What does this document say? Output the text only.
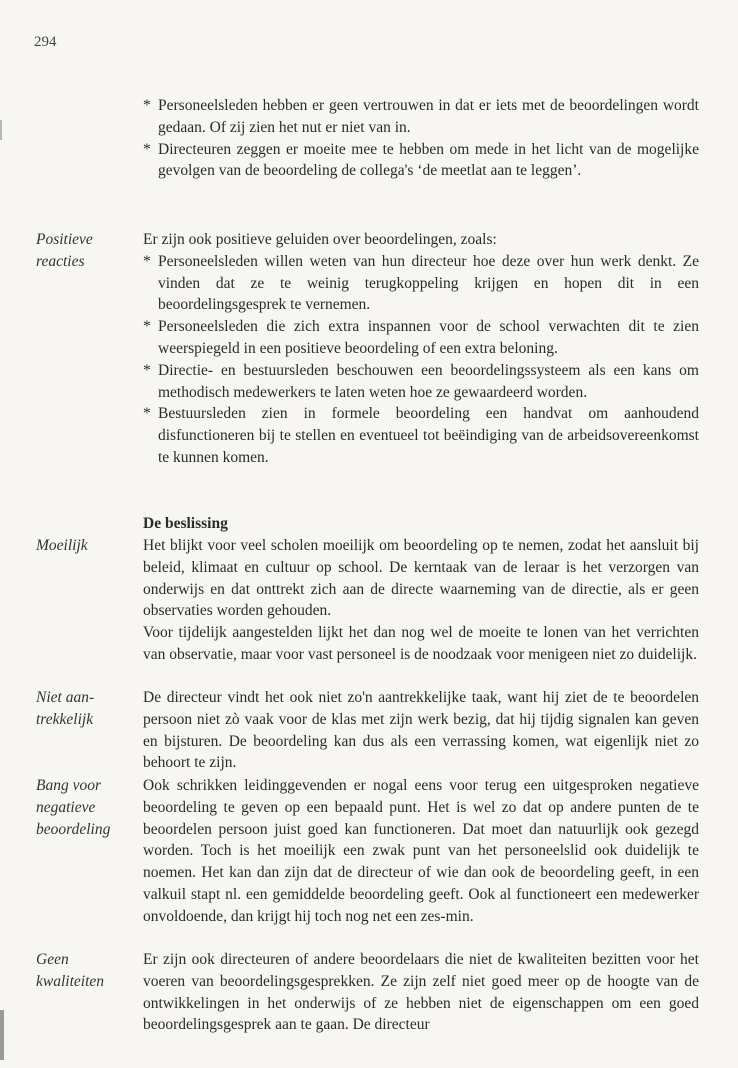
294
* Personeelsleden hebben er geen vertrouwen in dat er iets met de beoordelingen wordt gedaan. Of zij zien het nut er niet van in.
* Directeuren zeggen er moeite mee te hebben om mede in het licht van de mogelijke gevolgen van de beoordeling de collega's ‘de meetlat aan te leggen’.
Positieve
reacties

Er zijn ook positieve geluiden over beoordelingen, zoals:

* Personeelsleden willen weten van hun directeur hoe deze over hun werk denkt. Ze vinden dat ze te weinig terugkoppeling krijgen en hopen dit in een beoordelingsgesprek te vernemen.
* Personeelsleden die zich extra inspannen voor de school verwachten dit te zien weerspiegeld in een positieve beoordeling of een extra beloning.
* Directie- en bestuursleden beschouwen een beoordelingssysteem als een kans om methodisch medewerkers te laten weten hoe ze gewaardeerd worden.
* Bestuursleden zien in formele beoordeling een handvat om aanhoudend disfunctioneren bij te stellen en eventueel tot beëindiging van de arbeidsovereenkomst te kunnen komen.
De beslissing
Moeilijk	Het blijkt voor veel scholen moeilijk om beoordeling op te nemen, zodat het aansluit bij beleid, klimaat en cultuur op school. De kerntaak van de leraar is het verzorgen van onderwijs en dat onttrekt zich aan de directe waarneming van de directie, als er geen observaties worden gehouden.

Voor tijdelijk aangestelden lijkt het dan nog wel de moeite te lonen van het verrichten van observatie, maar voor vast personeel is de noodzaak voor menigeen niet zo duidelijk.

Niet aan-
trekkelijk

De directeur vindt het ook niet zo'n aantrekkelijke taak, want hij ziet de te beoordelen persoon niet zò vaak voor de klas met zijn werk bezig, dat hij tijdig signalen kan geven en bijsturen. De beoordeling kan dus als een verrassing komen, wat eigenlijk niet zo behoort te zijn.

Bang voor
negatieve
beoordeling

Ook schrikken leidinggevenden er nogal eens voor terug een uitgesproken negatieve beoordeling te geven op een bepaald punt. Het is wel zo dat op andere punten de te beoordelen persoon juist goed kan functioneren. Dat moet dan natuurlijk ook gezegd worden. Toch is het moeilijk een zwak punt van het personeelslid ook duidelijk te noemen. Het kan dan zijn dat de directeur of wie dan ook de beoordeling geeft, in een valkuil stapt nl. een gemiddelde beoordeling geeft. Ook al functioneert een medewerker onvoldoende, dan krijgt hij toch nog net een zes-min.

Geen
kwaliteiten

Er zijn ook directeuren of andere beoordelaars die niet de kwaliteiten bezitten voor het voeren van beoordelingsgesprekken. Ze zijn zelf niet goed meer op de hoogte van de ontwikkelingen in het onderwijs of ze hebben niet de eigenschappen om een goed beoordelingsgesprek aan te gaan. De directeur
